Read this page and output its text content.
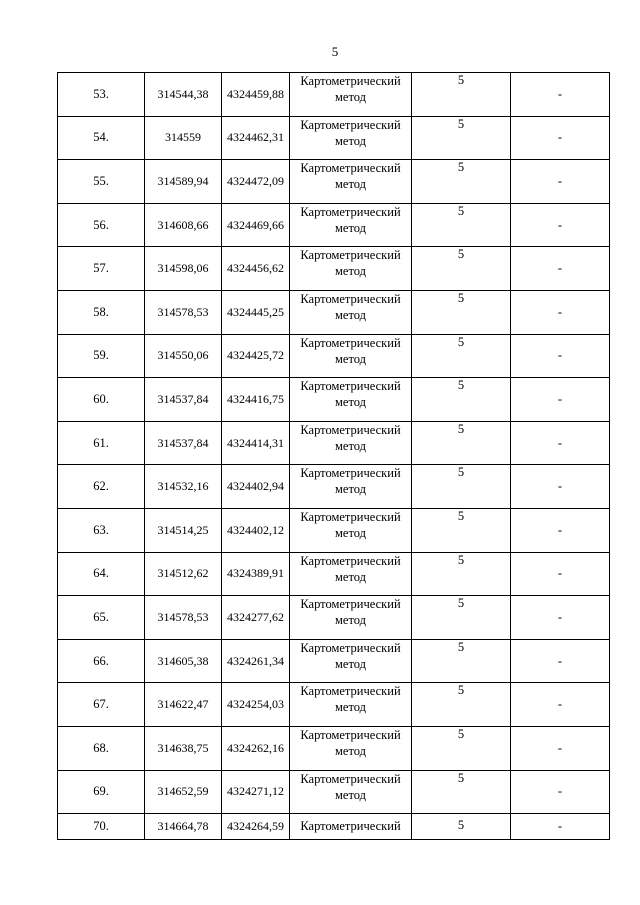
5
53.	314544,38	4324459,88	Картометрический метод	5	-
54.	314559	4324462,31	Картометрический метод	5	-
55.	314589,94	4324472,09	Картометрический метод	5	-
56.	314608,66	4324469,66	Картометрический метод	5	-
57.	314598,06	4324456,62	Картометрический метод	5	-
58.	314578,53	4324445,25	Картометрический метод	5	-
59.	314550,06	4324425,72	Картометрический метод	5	-
60.	314537,84	4324416,75	Картометрический метод	5	-
61.	314537,84	4324414,31	Картометрический метод	5	-
62.	314532,16	4324402,94	Картометрический метод	5	-
63.	314514,25	4324402,12	Картометрический метод	5	-
64.	314512,62	4324389,91	Картометрический метод	5	-
65.	314578,53	4324277,62	Картометрический метод	5	-
66.	314605,38	4324261,34	Картометрический метод	5	-
67.	314622,47	4324254,03	Картометрический метод	5	-
68.	314638,75	4324262,16	Картометрический метод	5	-
69.	314652,59	4324271,12	Картометрический метод	5	-
70.	314664,78	4324264,59	Картометрический	5	-
